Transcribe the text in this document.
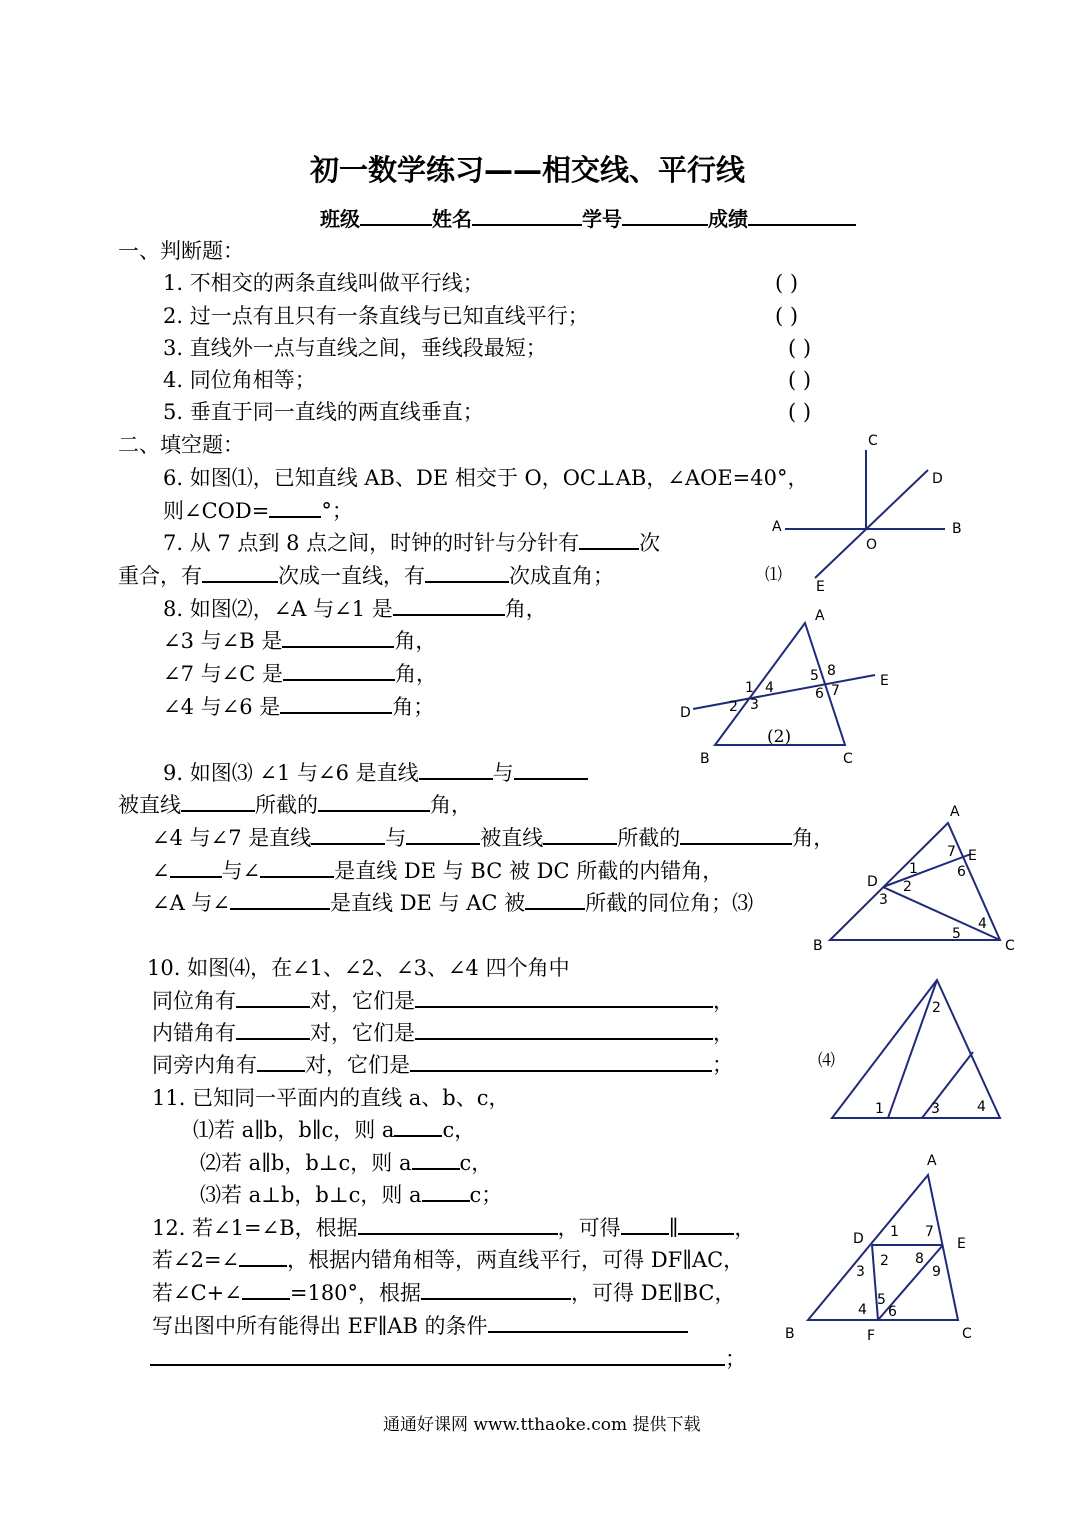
初一数学练习——相交线、平行线
班级	姓名	学号	成绩
一、判断题：
1. 不相交的两条直线叫做平行线；	( )
2. 过一点有且只有一条直线与已知直线平行；	( )
3. 直线外一点与直线之间，垂线段最短；	( )
4. 同位角相等；	( )
5. 垂直于同一直线的两直线垂直；	( )
二、填空题：
6. 如图⑴，已知直线 AB、DE 相交于 O，OC⊥AB，∠AOE=40°，
则∠COD= °；
7. 从 7 点到 8 点之间，时钟的时针与分针有	次
重合，有	次成一直线，有	次成直角；
8. 如图⑵，∠A 与∠1 是	角，
∠3 与∠B 是	角，
∠7 与∠C 是	角，
∠4 与∠6 是	角；
9. 如图⑶ ∠1 与∠6 是直线	与
被直线	所截的	角，
∠4 与∠7 是直线	与	被直线	所截的	角，
∠ 与∠	是直线 DE 与 BC 被 DC 所截的内错角，
∠A 与∠	是直线 DE 与 AC 被	所截的同位角；⑶
10. 如图⑷，在∠1、∠2、∠3、∠4 四个角中
同位角有	对，它们是	，
内错角有	对，它们是	，
同旁内角有 对，它们是	；
11. 已知同一平面内的直线 a、b、c，
⑴若 a∥b，b∥c，则 a c，
⑵若 a∥b，b⊥c，则 a c，
⑶若 a⊥b，b⊥c，则 a c；
12. 若∠1=∠B，根据	，可得 ∥	，
若∠2=∠ ，根据内错角相等，两直线平行，可得 DF∥AC，
若∠C+∠ =180°，根据	，可得 DE∥BC，
写出图中所有能得出 EF∥AB 的条件
；
C
D
A	B
O
E
⑴
A
E
D
B	C
1
2 3
4
5
6
8
7
(2)
A
E
D
B	C
1
2
3
4
5
6
7
2
1	3	4
⑷
A
D	E
B	F	C
1 7
2 8
3	9
4
5
6
通通好课网 www.tthaoke.com 提供下载
